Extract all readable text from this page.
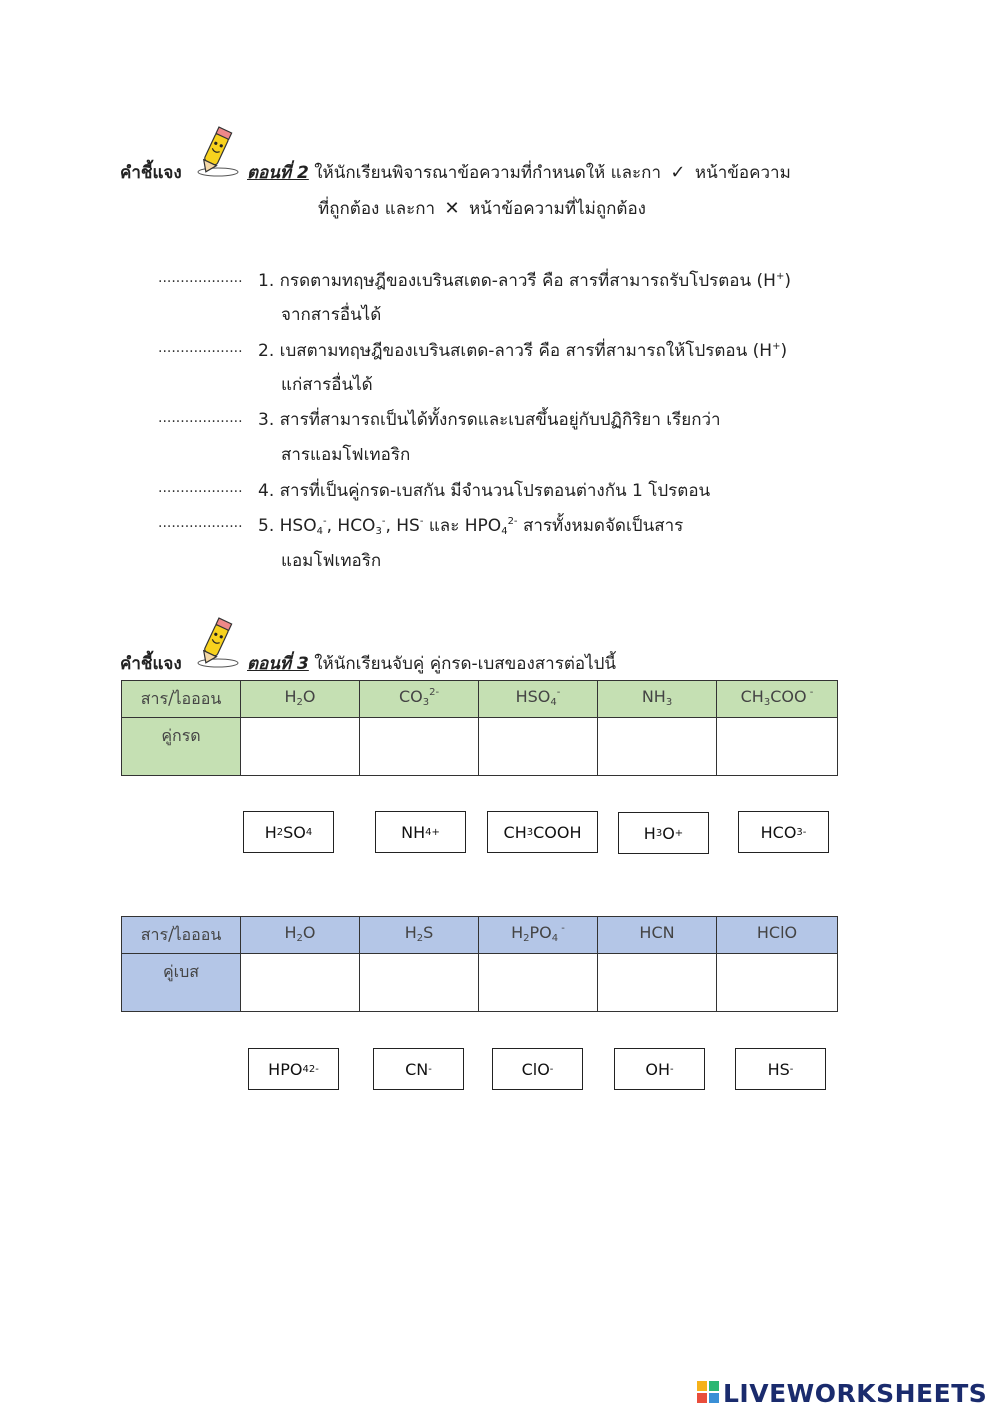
คำชี้แจง	ตอนที่ 2 ให้นักเรียนพิจารณาข้อความที่กำหนดให้ และกา ✓ หน้าข้อความ
ที่ถูกต้อง และกา ✕ หน้าข้อความที่ไม่ถูกต้อง
................... 1. กรดตามทฤษฎีของเบรินสเตด-ลาวรี คือ สารที่สามารถรับโปรตอน (H+)
จากสารอื่นได้
................... 2. เบสตามทฤษฎีของเบรินสเตด-ลาวรี คือ สารที่สามารถให้โปรตอน (H+)
แก่สารอื่นได้
................... 3. สารที่สามารถเป็นได้ทั้งกรดและเบสขึ้นอยู่กับปฏิกิริยา เรียกว่า
สารแอมโฟเทอริก
................... 4. สารที่เป็นคู่กรด-เบสกัน มีจำนวนโปรตอนต่างกัน 1 โปรตอน
................... 5. $HSO_4^-$, $HCO_3^-$, HS- และ $HPO_4^{2-}$ สารทั้งหมดจัดเป็นสาร
แอมโฟเทอริก
คำชี้แจง	ตอนที่ 3 ให้นักเรียนจับคู่ คู่กรด-เบสของสารต่อไปนี้
สาร/ไอออน	$H_2O$	$CO_3^{2-}$	$HSO_4^-$	$NH_3$	$CH_3COO$ -
คู่กรด					
H 2 SO 4	NH 4 +	CH 3 COOH	H 3 O +	HCO 3 -
สาร/ไอออน	$H_2O$	$H_2S$	$H_2PO_4$ -	HCN	HClO
คู่เบส					
HPO 4 2-	CN -	ClO -	OH -	HS -
LIVEWORKSHEETS
